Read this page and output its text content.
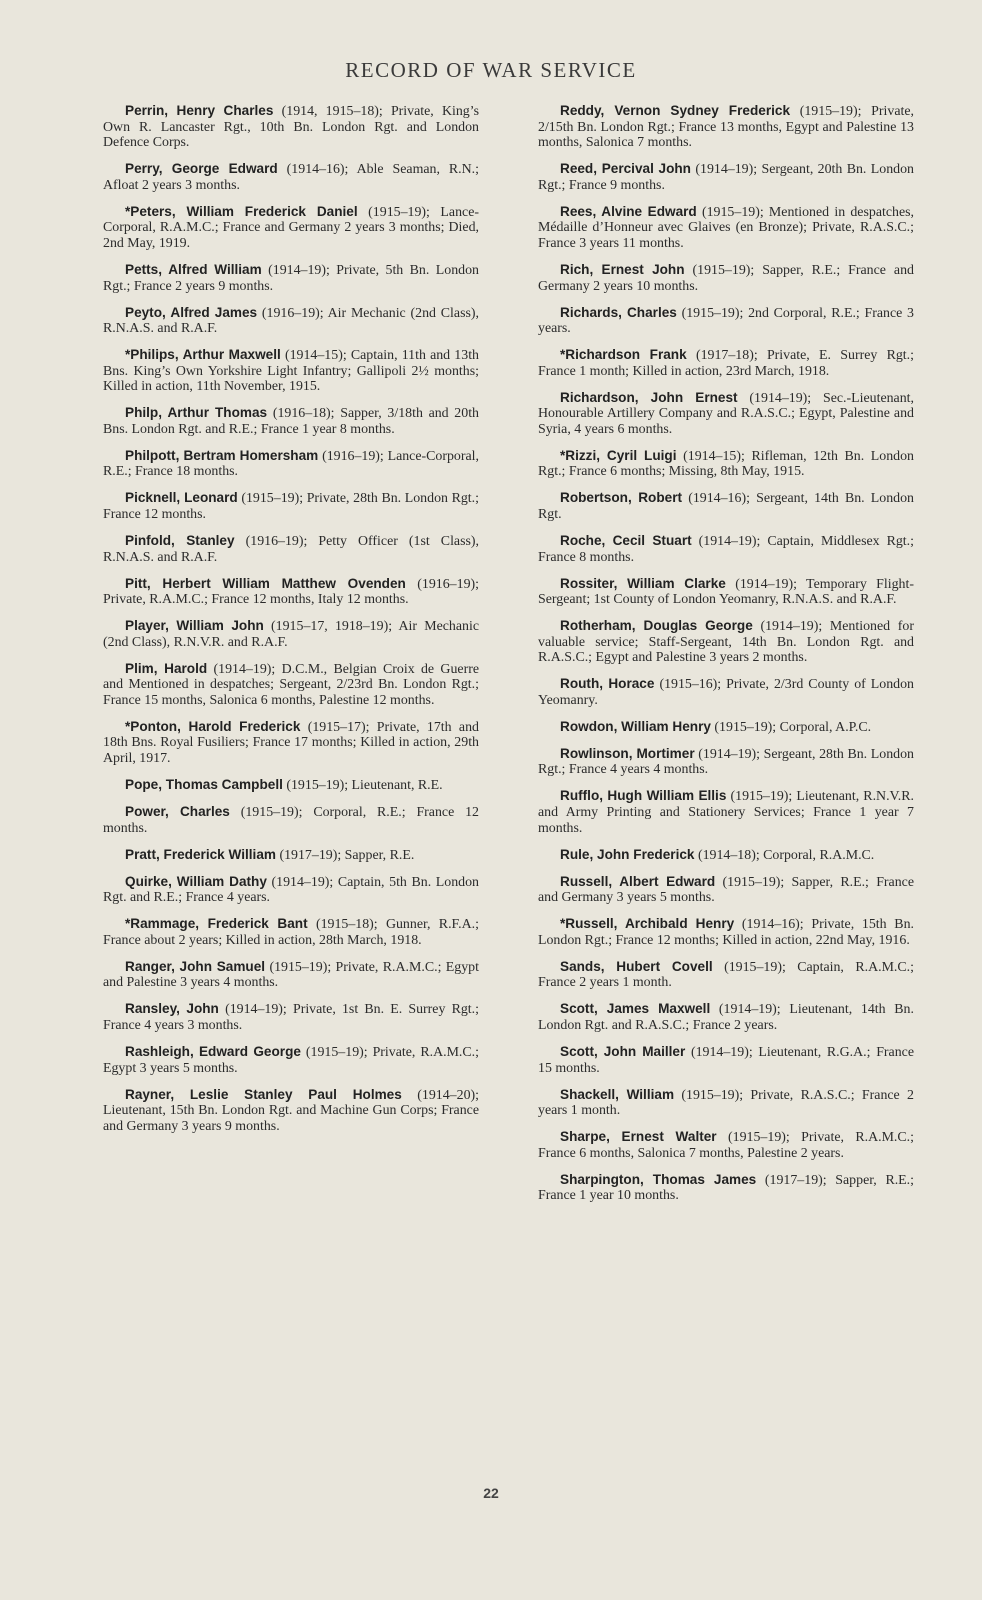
RECORD OF WAR SERVICE

Perrin, Henry Charles (1914, 1915–18); Private, King’s Own R. Lancaster Rgt., 10th Bn. London Rgt. and London Defence Corps.

Perry, George Edward (1914–16); Able Seaman, R.N.; Afloat 2 years 3 months.

*Peters, William Frederick Daniel (1915–19); Lance-Corporal, R.A.M.C.; France and Germany 2 years 3 months; Died, 2nd May, 1919.

Petts, Alfred William (1914–19); Private, 5th Bn. London Rgt.; France 2 years 9 months.

Peyto, Alfred James (1916–19); Air Mechanic (2nd Class), R.N.A.S. and R.A.F.

*Philips, Arthur Maxwell (1914–15); Captain, 11th and 13th Bns. King’s Own Yorkshire Light Infantry; Gallipoli 2½ months; Killed in action, 11th November, 1915.

Philp, Arthur Thomas (1916–18); Sapper, 3/18th and 20th Bns. London Rgt. and R.E.; France 1 year 8 months.

Philpott, Bertram Homersham (1916–19); Lance-Corporal, R.E.; France 18 months.

Picknell, Leonard (1915–19); Private, 28th Bn. London Rgt.; France 12 months.

Pinfold, Stanley (1916–19); Petty Officer (1st Class), R.N.A.S. and R.A.F.

Pitt, Herbert William Matthew Ovenden (1916–19); Private, R.A.M.C.; France 12 months, Italy 12 months.

Player, William John (1915–17, 1918–19); Air Mechanic (2nd Class), R.N.V.R. and R.A.F.

Plim, Harold (1914–19); D.C.M., Belgian Croix de Guerre and Mentioned in despatches; Sergeant, 2/23rd Bn. London Rgt.; France 15 months, Salonica 6 months, Palestine 12 months.

*Ponton, Harold Frederick (1915–17); Private, 17th and 18th Bns. Royal Fusiliers; France 17 months; Killed in action, 29th April, 1917.

Pope, Thomas Campbell (1915–19); Lieutenant, R.E.

Power, Charles (1915–19); Corporal, R.E.; France 12 months.

Pratt, Frederick William (1917–19); Sapper, R.E.

Quirke, William Dathy (1914–19); Captain, 5th Bn. London Rgt. and R.E.; France 4 years.

*Rammage, Frederick Bant (1915–18); Gunner, R.F.A.; France about 2 years; Killed in action, 28th March, 1918.

Ranger, John Samuel (1915–19); Private, R.A.M.C.; Egypt and Palestine 3 years 4 months.

Ransley, John (1914–19); Private, 1st Bn. E. Surrey Rgt.; France 4 years 3 months.

Rashleigh, Edward George (1915–19); Private, R.A.M.C.; Egypt 3 years 5 months.

Rayner, Leslie Stanley Paul Holmes (1914–20); Lieutenant, 15th Bn. London Rgt. and Machine Gun Corps; France and Germany 3 years 9 months.

Reddy, Vernon Sydney Frederick (1915–19); Private, 2/15th Bn. London Rgt.; France 13 months, Egypt and Palestine 13 months, Salonica 7 months.

Reed, Percival John (1914–19); Sergeant, 20th Bn. London Rgt.; France 9 months.

Rees, Alvine Edward (1915–19); Mentioned in despatches, Médaille d’Honneur avec Glaives (en Bronze); Private, R.A.S.C.; France 3 years 11 months.

Rich, Ernest John (1915–19); Sapper, R.E.; France and Germany 2 years 10 months.

Richards, Charles (1915–19); 2nd Corporal, R.E.; France 3 years.

*Richardson Frank (1917–18); Private, E. Surrey Rgt.; France 1 month; Killed in action, 23rd March, 1918.

Richardson, John Ernest (1914–19); Sec.-Lieutenant, Honourable Artillery Company and R.A.S.C.; Egypt, Palestine and Syria, 4 years 6 months.

*Rizzi, Cyril Luigi (1914–15); Rifleman, 12th Bn. London Rgt.; France 6 months; Missing, 8th May, 1915.

Robertson, Robert (1914–16); Sergeant, 14th Bn. London Rgt.

Roche, Cecil Stuart (1914–19); Captain, Middlesex Rgt.; France 8 months.

Rossiter, William Clarke (1914–19); Temporary Flight-Sergeant; 1st County of London Yeomanry, R.N.A.S. and R.A.F.

Rotherham, Douglas George (1914–19); Mentioned for valuable service; Staff-Sergeant, 14th Bn. London Rgt. and R.A.S.C.; Egypt and Palestine 3 years 2 months.

Routh, Horace (1915–16); Private, 2/3rd County of London Yeomanry.

Rowdon, William Henry (1915–19); Corporal, A.P.C.

Rowlinson, Mortimer (1914–19); Sergeant, 28th Bn. London Rgt.; France 4 years 4 months.

Rufflo, Hugh William Ellis (1915–19); Lieutenant, R.N.V.R. and Army Printing and Stationery Services; France 1 year 7 months.

Rule, John Frederick (1914–18); Corporal, R.A.M.C.

Russell, Albert Edward (1915–19); Sapper, R.E.; France and Germany 3 years 5 months.

*Russell, Archibald Henry (1914–16); Private, 15th Bn. London Rgt.; France 12 months; Killed in action, 22nd May, 1916.

Sands, Hubert Covell (1915–19); Captain, R.A.M.C.; France 2 years 1 month.

Scott, James Maxwell (1914–19); Lieutenant, 14th Bn. London Rgt. and R.A.S.C.; France 2 years.

Scott, John Mailler (1914–19); Lieutenant, R.G.A.; France 15 months.

Shackell, William (1915–19); Private, R.A.S.C.; France 2 years 1 month.

Sharpe, Ernest Walter (1915–19); Private, R.A.M.C.; France 6 months, Salonica 7 months, Palestine 2 years.

Sharpington, Thomas James (1917–19); Sapper, R.E.; France 1 year 10 months.

22
